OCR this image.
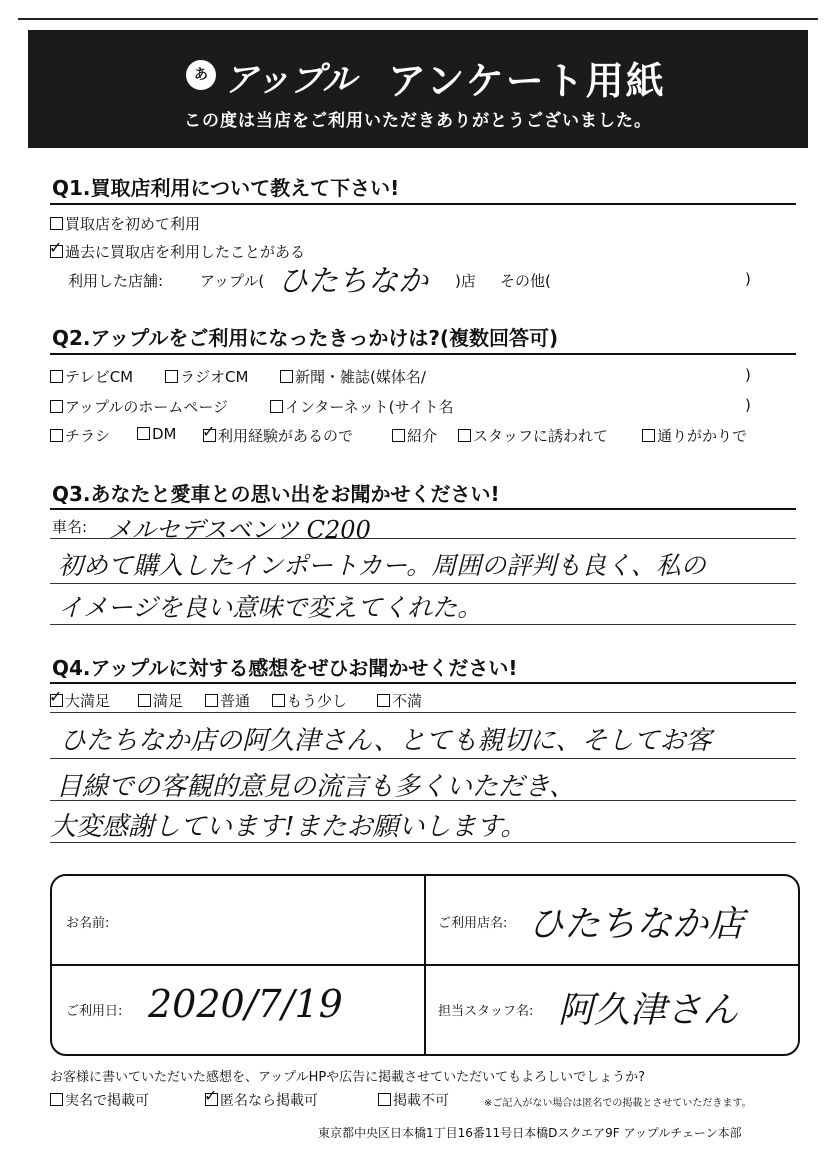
あ アップル アンケート用紙
この度は当店をご利用いただきありがとうございました。
Q1.買取店利用について教えて下さい!
買取店を初めて利用
✓過去に買取店を利用したことがある
利用した店舗: アップル( ひたちなか )店 その他(	)
Q2.アップルをご利用になったきっかけは?(複数回答可)
テレビCM	ラジオCM	新聞・雑誌(媒体名/	)
アップルのホームページ	インターネット(サイト名	)
チラシ	DM ✓	利用経験があるので	紹介	スタッフに誘われて	通りがかりで
Q3.あなたと愛車との思い出をお聞かせください!
車名: メルセデスベンツ C200
初めて購入したインポートカー。周囲の評判も良く、私の
イメージを良い意味で変えてくれた。
Q4.アップルに対する感想をぜひお聞かせください!
✓大満足	満足	普通	もう少し	不満
ひたちなか店の阿久津さん、とても親切に、そしてお客
目線での客観的意見の流言も多くいただき、
大変感謝しています!またお願いします。
お名前:	ご利用店名: ひたちなか店
ご利用日: 2020/7/19	担当スタッフ名: 阿久津さん
お客様に書いていただいた感想を、アップルHPや広告に掲載させていただいてもよろしいでしょうか?
実名で掲載可 ✓	匿名なら掲載可	掲載不可	※ご記入がない場合は匿名での掲載とさせていただきます。
東京都中央区日本橋1丁目16番11号日本橋Dスクエア9F アップルチェーン本部
